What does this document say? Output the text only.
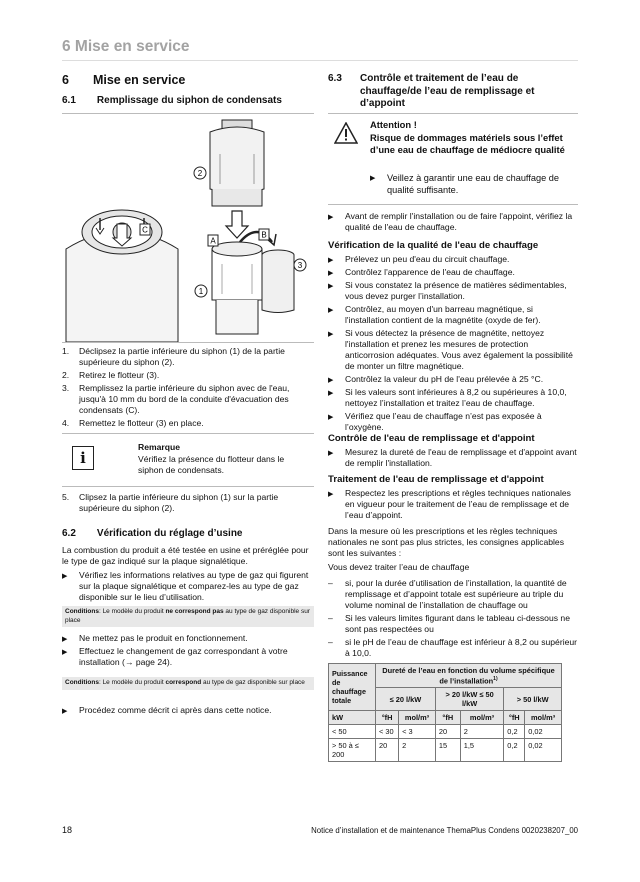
6 Mise en service
6 Mise en service
6.1 Remplissage du siphon de condensats
C
A
B
2
1
3
1. Déclipsez la partie inférieure du siphon (1) de la partie supérieure du siphon (2).
2. Retirez le flotteur (3).
3. Remplissez la partie inférieure du siphon avec de l'eau, jusqu'à 10 mm du bord de la conduite d'évacuation des condensats (C).
4. Remettez le flotteur (3) en place.
i
Remarque
Vérifiez la présence du flotteur dans le siphon de condensats.
5. Clipsez la partie inférieure du siphon (1) sur la partie supérieure du siphon (2).
6.2 Vérification du réglage d’usine
La combustion du produit a été testée en usine et préréglée pour le type de gaz indiqué sur la plaque signalétique.
▶ Vérifiez les informations relatives au type de gaz qui figurent sur la plaque signalétique et comparez-les au type de gaz disponible sur le lieu d’utilisation.
Conditions: Le modèle du produit ne correspond pas au type de gaz disponible sur place
▶ Ne mettez pas le produit en fonctionnement.
▶ Effectuez le changement de gaz correspondant à votre installation (→ page 24).
Conditions: Le modèle du produit correspond au type de gaz disponible sur place
▶ Procédez comme décrit ci après dans cette notice.
6.3 Contrôle et traitement de l’eau de chauffage/de l’eau de remplissage et d’appoint
Attention !
Risque de dommages matériels sous l’effet d’une eau de chauffage de médiocre qualité
▶ Veillez à garantir une eau de chauffage de qualité suffisante.
▶ Avant de remplir l'installation ou de faire l'appoint, vérifiez la qualité de l'eau de chauffage.
Vérification de la qualité de l'eau de chauffage
▶ Prélevez un peu d'eau du circuit chauffage.
▶ Contrôlez l'apparence de l'eau de chauffage.
▶ Si vous constatez la présence de matières sédimentables, vous devez purger l’installation.
▶ Contrôlez, au moyen d'un barreau magnétique, si l'installation contient de la magnétite (oxyde de fer).
▶ Si vous détectez la présence de magnétite, nettoyez l'installation et prenez les mesures de protection anticorrosion adéquates. Vous avez également la possibilité de monter un filtre magnétique.
▶ Contrôlez la valeur du pH de l'eau prélevée à 25 °C.
▶ Si les valeurs sont inférieures à 8,2 ou supérieures à 10,0, nettoyez l’installation et traitez l’eau de chauffage.
▶ Vérifiez que l’eau de chauffage n’est pas exposée à l’oxygène.
Contrôle de l'eau de remplissage et d'appoint
▶ Mesurez la dureté de l'eau de remplissage et d'appoint avant de remplir l'installation.
Traitement de l'eau de remplissage et d'appoint
▶ Respectez les prescriptions et règles techniques nationales en vigueur pour le traitement de l’eau de remplissage et de l’eau d’appoint.
Dans la mesure où les prescriptions et les règles techniques nationales ne sont pas plus strictes, les consignes applicables sont les suivantes :
Vous devez traiter l’eau de chauffage
– si, pour la durée d’utilisation de l’installation, la quantité de remplissage et d’appoint totale est supérieure au triple du volume nominal de l’installation de chauffage ou
– Si les valeurs limites figurant dans le tableau ci-dessous ne sont pas respectées ou
– si le pH de l’eau de chauffage est inférieur à 8,2 ou supérieur à 10,0.
Puissance de chauffage totale	Dureté de l’eau en fonction du volume spécifique de l’installation$^{1)}$
	≤ 20 l/kW		> 20 l/kW ≤ 50 l/kW		> 50 l/kW	
kW	°fH	mol/m³	°fH	mol/m³	°fH	mol/m³
< 50	< 30	< 3	20	2	0,2	0,02
> 50 à ≤ 200	20	2	15	1,5	0,2	0,02
18	Notice d’installation et de maintenance ThemaPlus Condens 0020238207_00
